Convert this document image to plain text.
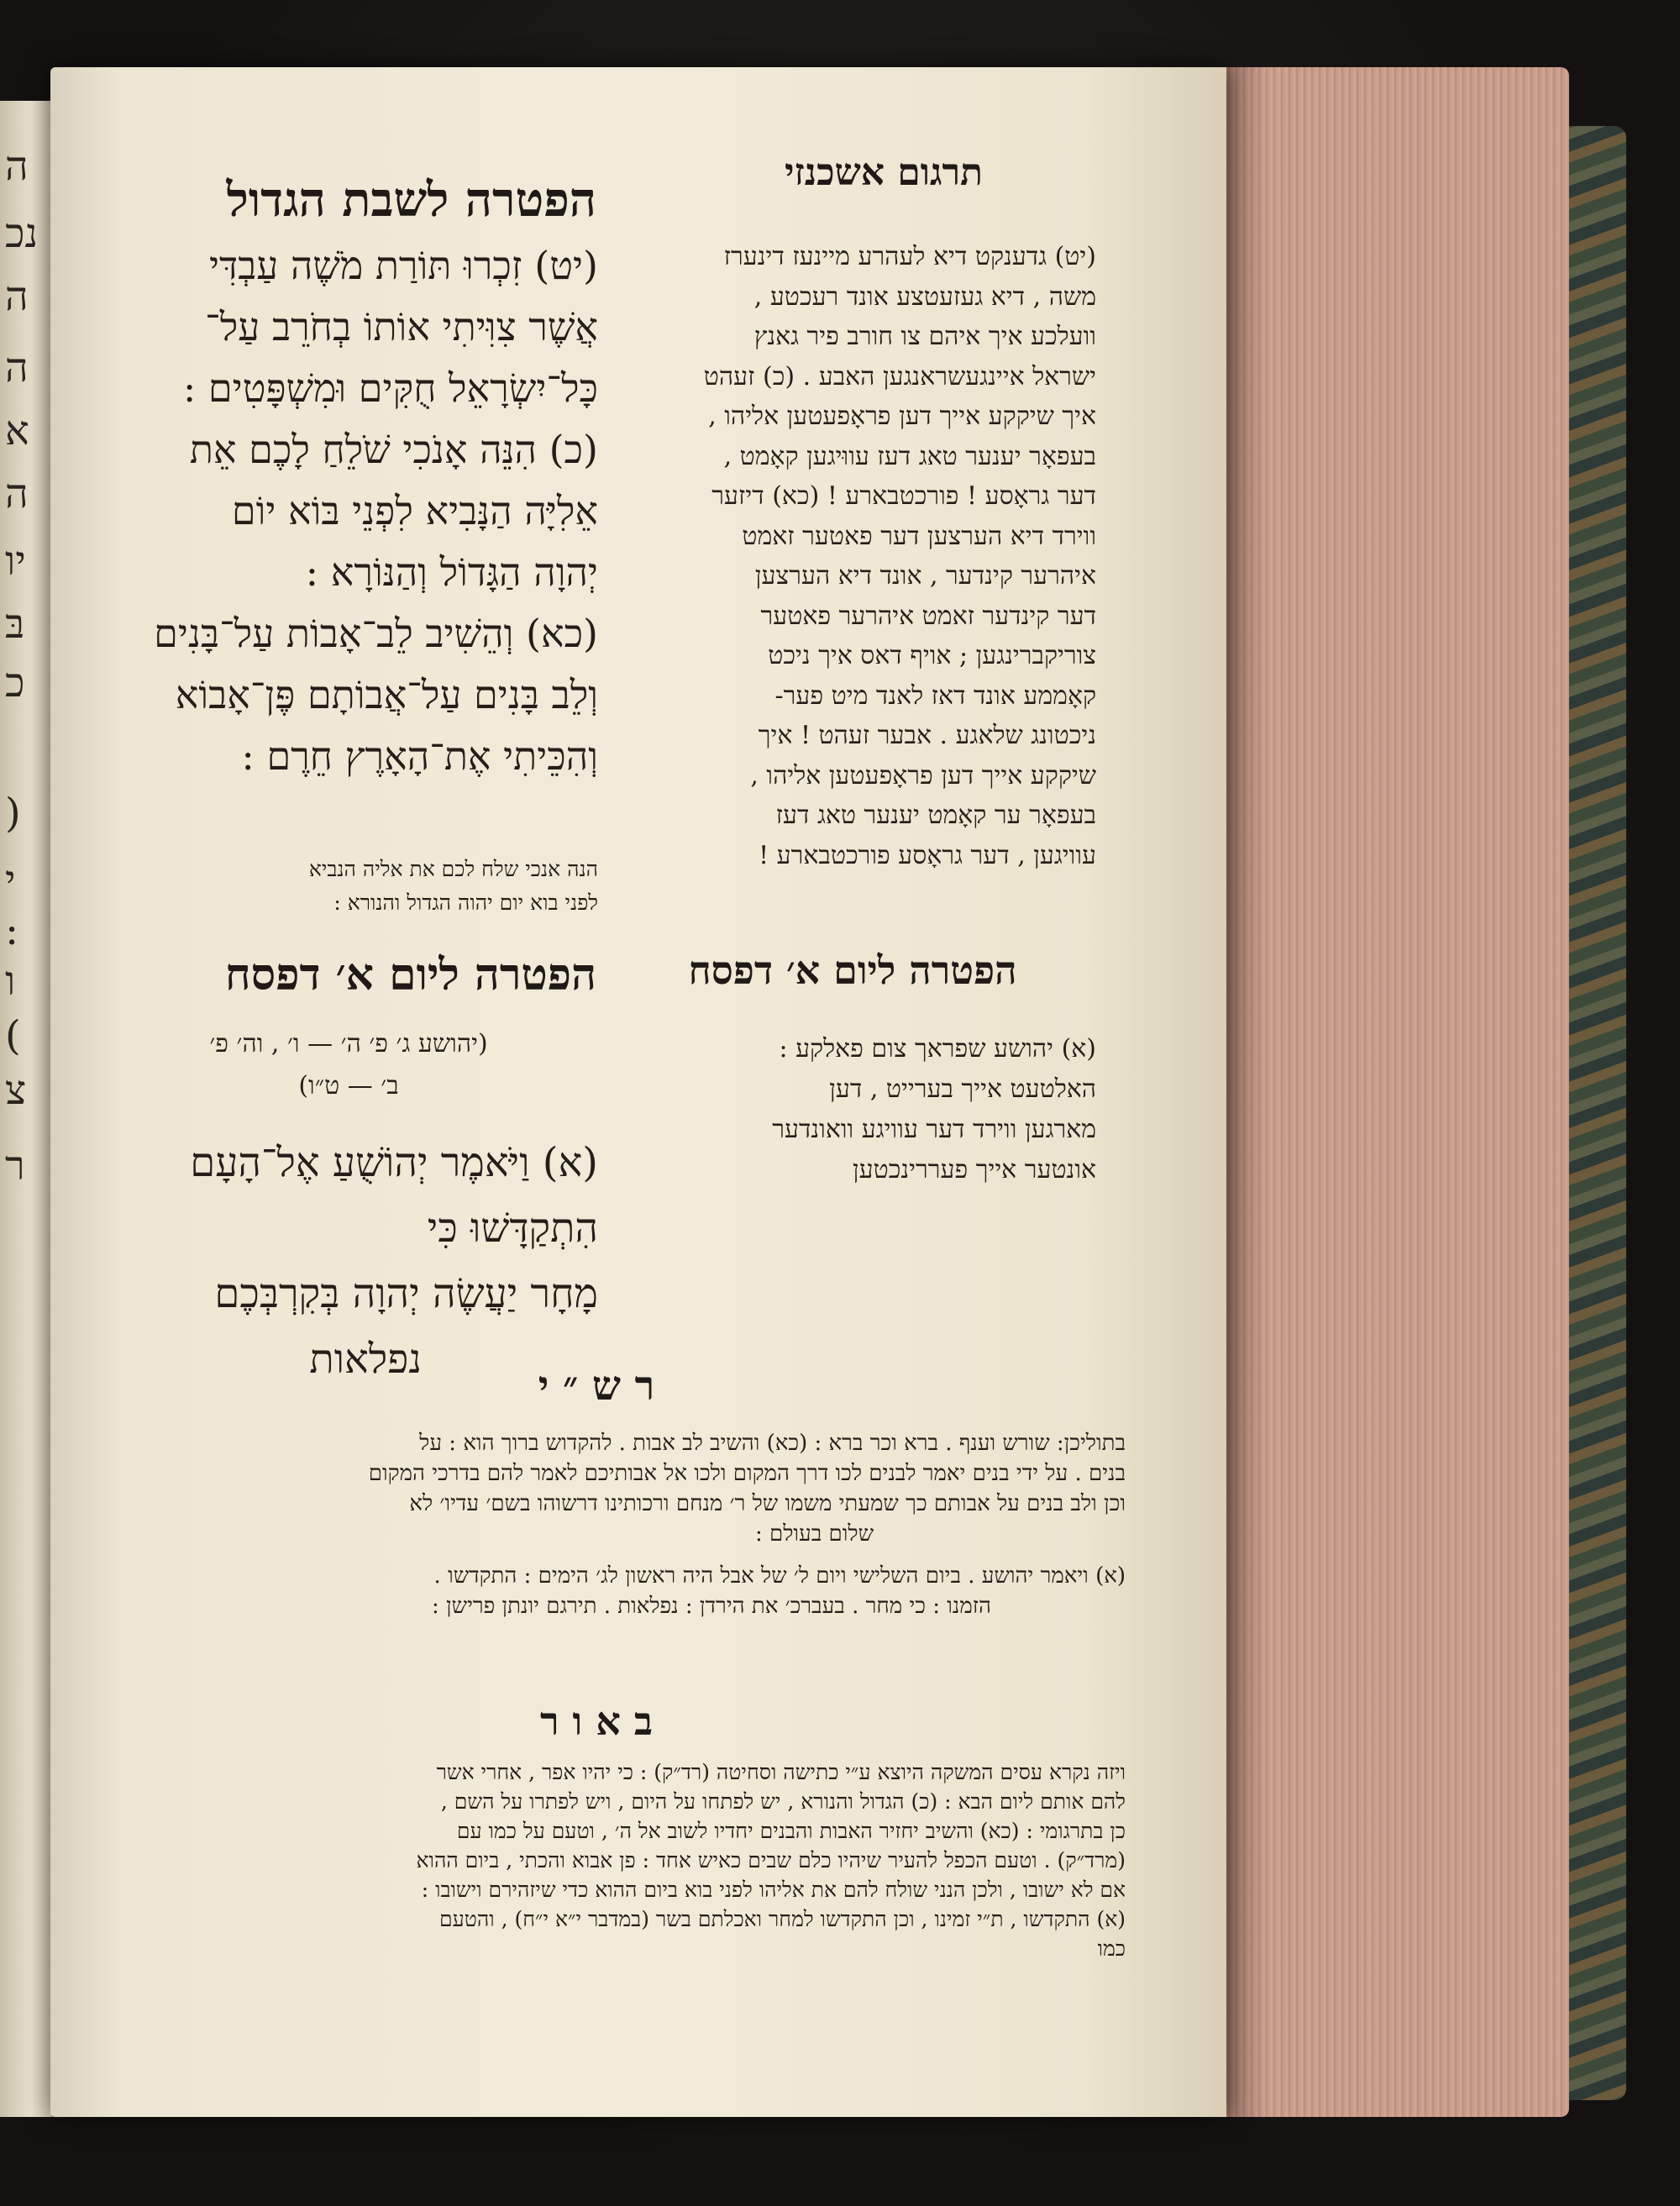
ה
נכ
ה
ה
א
ה
יו
בּ
כ
(
י
:
ו
)
צ
ר
תרגום אשכנזי
(יט) גדענקט דיא לעהרע מיינעז דינערז
משה , דיא געזעטצע אונד רעכטע ,
וועלכע איך איהם צו חורב פיר גאנץ
ישראל איינגעשראנגען האבע . (כ) זעהט
איך שיקקע אייך דען פראָפעטען אליהו ,
בעפאָר יענער טאג דעז עווּיגען קאָמט ,
דער גראָסע ! פורכטבארע ! (כא) דיזער
ווירד דיא הערצען דער פאטער זאמט
איהרער קינדער , אונד דיא הערצען
דער קינדער זאמט איהרער פאטער
צוריקברינגען ; אויף דאס איך ניכט
קאָממע אונד דאז לאנד מיט פער-
ניכטונג שלאגע . אבער זעהט ! איך
שיקקע אייך דען פראָפעטען אליהו ,
בעפאָר ער קאָמט יענער טאג דעז
עוויגען , דער גראָסע פורכטבארע !
הפטרה ליום א׳ דפסח
(א) יהושע שפראך צום פאלקע :
האלטעט אייך בערייט , דען
מארגען ווירד דער עוויגע וואונדער
אונטער אייך פעררינכטען
הפטרה לשבת הגדול
(יט) זִכְרוּ תּוֹרַת מֹשֶׁה עַבְדִּי
אֲשֶׁר צִוִּיתִי אוֹתוֹ בְחֹרֵב עַל־
כָּל־יִשְׂרָאֵל חֻקִּים וּמִשְׁפָּטִים :
(כ) הִנֵּה אָנֹכִי שֹׁלֵחַ לָכֶם אֵת
אֵלִיָּה הַנָּבִיא לִפְנֵי בּוֹא יוֹם
יְהוָה הַגָּדוֹל וְהַנּוֹרָא :
(כא) וְהֵשִׁיב לֵב־אָבוֹת עַל־בָּנִים
וְלֵב בָּנִים עַל־אֲבוֹתָם פֶּן־אָבוֹא
וְהִכֵּיתִי אֶת־הָאָרֶץ חֵרֶם :
הנה אנכי שלח לכם את אליה הנביא
לפני בוא יום יהוה הגדול והנורא :
הפטרה ליום א׳ דפסח
(יהושע ג׳ פ׳ ה׳ — ו׳ , וה׳ פ׳
ב׳ — ט״ו)
(א) וַיֹּאמֶר יְהוֹשֻׁעַ אֶל־הָעָם
הִתְקַדָּשׁוּ כִּי
מָחָר יַעֲשֶׂה יְהוָה בְּקִרְבְּכֶם
נפלאות
ר ש ״ י
בתוליכן: שורש וענף . ברא וכר ברא : (כא) והשיב לב אבות . להקדוש ברוך הוא : על
בנים . על ידי בנים יאמר לבנים לכו דרך המקום ולכו אל אבותיכם לאמר להם בדרכי המקום
וכן ולב בנים על אבותם כך שמעתי משמו של ר׳ מנחם ורכותינו דרשוהו בשם׳ עדיו׳ לא
שלום בעולם :
(א) ויאמר יהושע . ביום השלישי ויום ל׳ של אבל היה ראשון לג׳ הימים : התקדשו .
הזמנו : כי מחר . בעברכ׳ את הירדן : נפלאות . תירגם יונתן פרישן :
ב א ו ר
ויזה נקרא עסים המשקה היוצא ע״י כתישה וסחיטה (רד״ק) : כי יהיו אפר , אחרי אשר
להם אותם ליום הבא : (כ) הגדול והנורא , יש לפתחו על היום , ויש לפתרו על השם ,
כן בתרגומי : (כא) והשיב יחזיר האבות והבנים יחדיו לשוב אל ה׳ , וטעם על כמו עם
(מרד״ק) . וטעם הכפל להעיר שיהיו כלם שבים כאיש אחד : פן אבוא והכתי , ביום ההוא
אם לא ישובו , ולכן הנני שולח להם את אליהו לפני בוא ביום ההוא כדי שיזהירם וישובו :
(א) התקדשו , ת״י זמינו , וכן התקדשו למחר ואכלתם בשר (במדבר י״א י״ח) , והטעם
כמו
